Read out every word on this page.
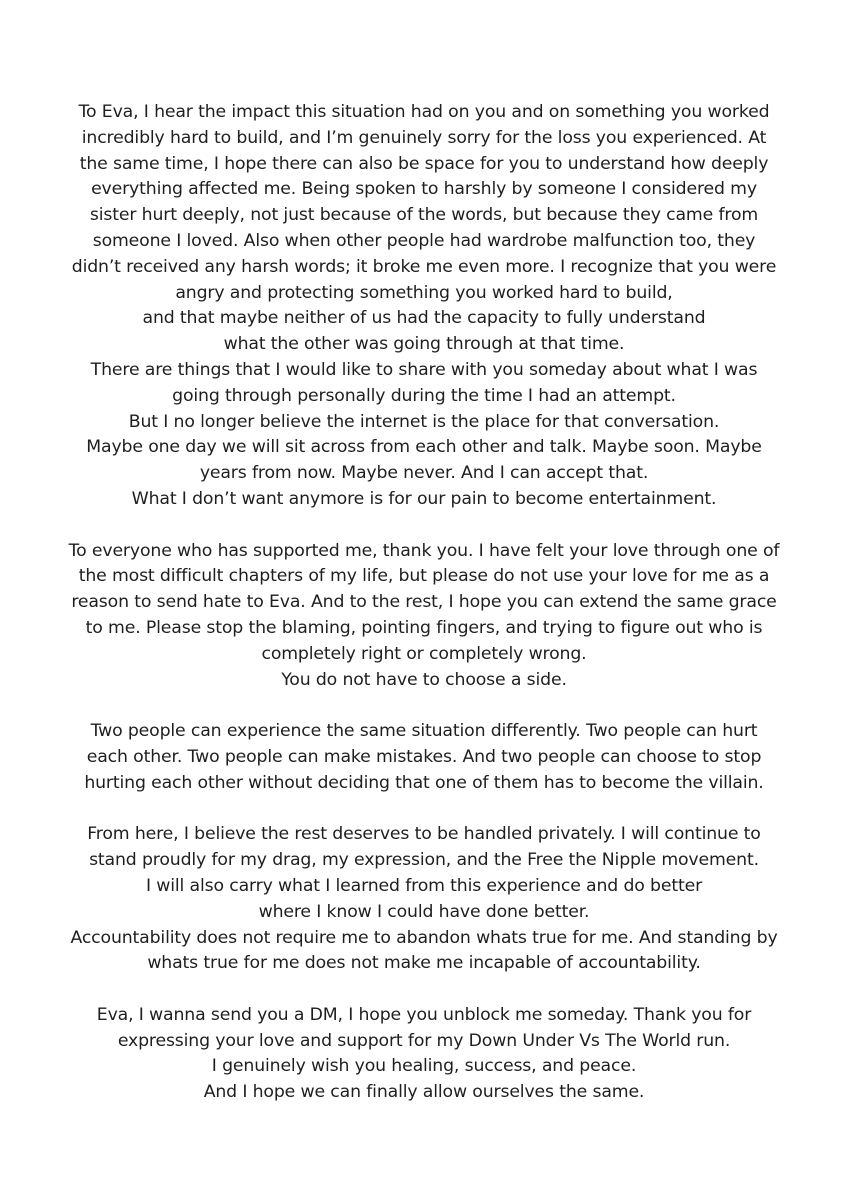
To Eva, I hear the impact this situation had on you and on something you worked
incredibly hard to build, and I’m genuinely sorry for the loss you experienced. At
the same time, I hope there can also be space for you to understand how deeply
everything affected me. Being spoken to harshly by someone I considered my
sister hurt deeply, not just because of the words, but because they came from
someone I loved. Also when other people had wardrobe malfunction too, they
didn’t received any harsh words; it broke me even more. I recognize that you were
angry and protecting something you worked hard to build,
and that maybe neither of us had the capacity to fully understand
what the other was going through at that time.
There are things that I would like to share with you someday about what I was
going through personally during the time I had an attempt.
But I no longer believe the internet is the place for that conversation.
Maybe one day we will sit across from each other and talk. Maybe soon. Maybe
years from now. Maybe never. And I can accept that.
What I don’t want anymore is for our pain to become entertainment.
To everyone who has supported me, thank you. I have felt your love through one of
the most difficult chapters of my life, but please do not use your love for me as a
reason to send hate to Eva. And to the rest, I hope you can extend the same grace
to me. Please stop the blaming, pointing fingers, and trying to figure out who is
completely right or completely wrong.
You do not have to choose a side.
Two people can experience the same situation differently. Two people can hurt
each other. Two people can make mistakes. And two people can choose to stop
hurting each other without deciding that one of them has to become the villain.
From here, I believe the rest deserves to be handled privately. I will continue to
stand proudly for my drag, my expression, and the Free the Nipple movement.
I will also carry what I learned from this experience and do better
where I know I could have done better.
Accountability does not require me to abandon whats true for me. And standing by
whats true for me does not make me incapable of accountability.
Eva, I wanna send you a DM, I hope you unblock me someday. Thank you for
expressing your love and support for my Down Under Vs The World run.
I genuinely wish you healing, success, and peace.
And I hope we can finally allow ourselves the same.
